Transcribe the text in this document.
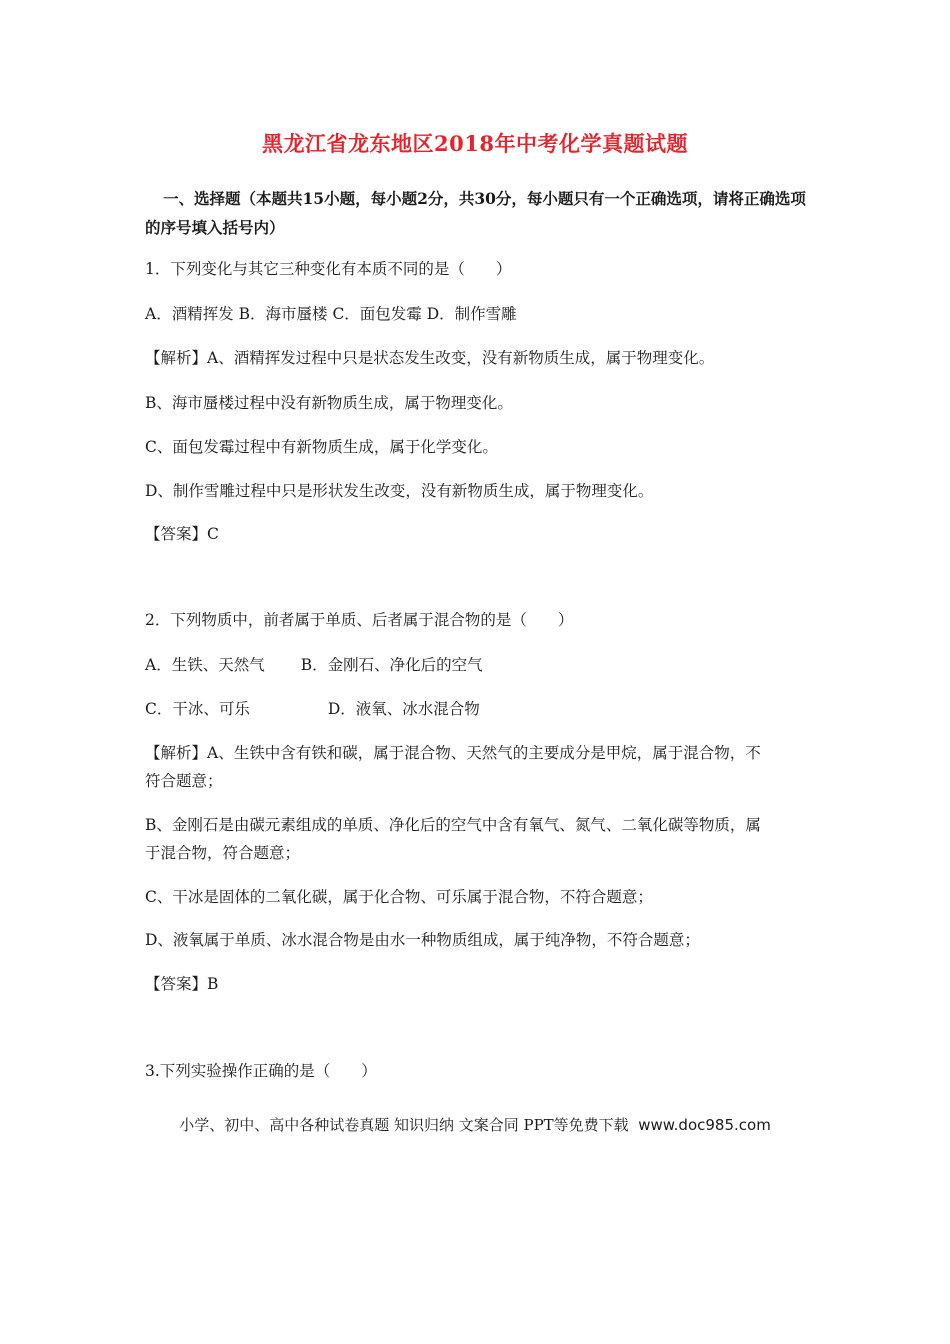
黑龙江省龙东地区2018年中考化学真题试题
一、选择题（本题共15小题，每小题2分，共30分，每小题只有一个正确选项，请将正确选项的序号填入括号内）
1．下列变化与其它三种变化有本质不同的是（　　）
A．酒精挥发 B．海市蜃楼 C．面包发霉 D．制作雪雕
【解析】A、酒精挥发过程中只是状态发生改变，没有新物质生成，属于物理变化。
B、海市蜃楼过程中没有新物质生成，属于物理变化。
C、面包发霉过程中有新物质生成，属于化学变化。
D、制作雪雕过程中只是形状发生改变，没有新物质生成，属于物理变化。
【答案】C
2．下列物质中，前者属于单质、后者属于混合物的是（　　）
A．生铁、天然气 B．金刚石、净化后的空气
C．干冰、可乐	D．液氧、冰水混合物
【解析】A、生铁中含有铁和碳，属于混合物、天然气的主要成分是甲烷，属于混合物，不
符合题意；
B、金刚石是由碳元素组成的单质、净化后的空气中含有氧气、氮气、二氧化碳等物质，属
于混合物，符合题意；
C、干冰是固体的二氧化碳，属于化合物、可乐属于混合物，不符合题意；
D、液氧属于单质、冰水混合物是由水一种物质组成，属于纯净物，不符合题意；
【答案】B
3.下列实验操作正确的是（　　）
小学、初中、高中各种试卷真题 知识归纳 文案合同 PPT等免费下载 www.doc985.com
